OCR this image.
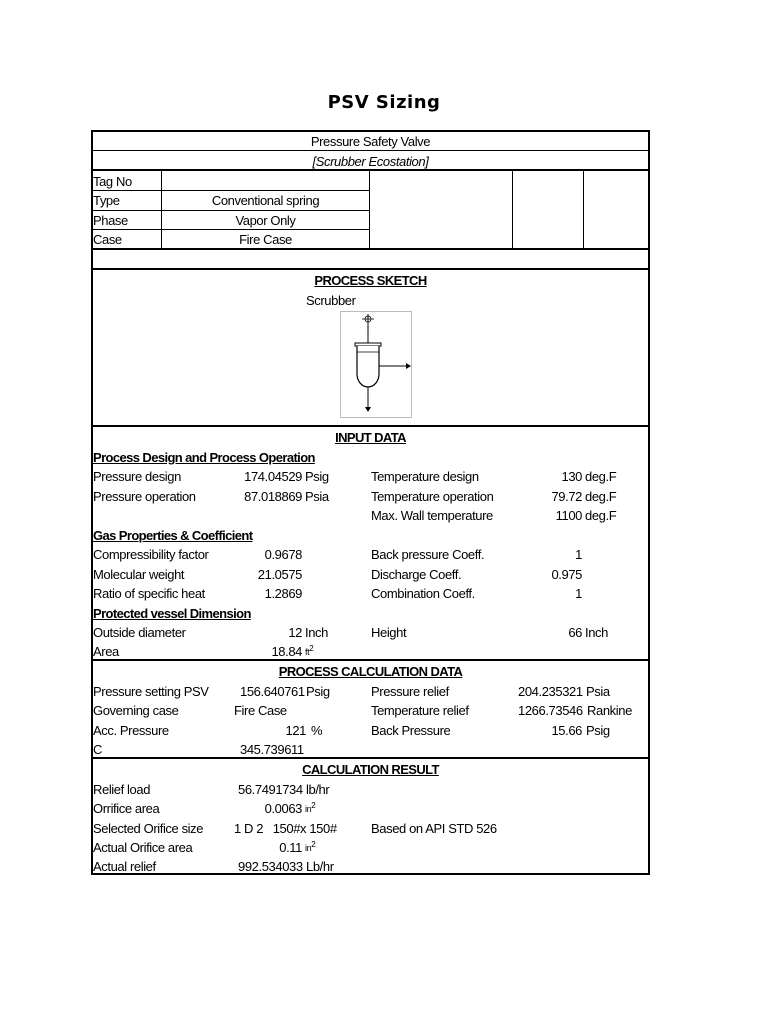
PSV Sizing
Pressure Safety Valve
[Scrubber Ecostation]
Tag No
Type	Conventional spring
Phase	Vapor Only
Case	Fire Case
PROCESS SKETCH
Scrubber
INPUT DATA
Process Design and Process Operation
Pressure design	174.04529 Psig	Temperature design	130 deg.F
Pressure operation	87.018869 Psia	Temperature operation	79.72 deg.F
Max. Wall temperature	1100 deg.F
Gas Properties & Coefficient
Compressibility factor	0.9678	Back pressure Coeff.	1
Molecular weight	21.0575	Discharge Coeff.	0.975
Ratio of specific heat	1.2869	Combination Coeff.	1
Protected vessel Dimension
Outside diameter	12 Inch	Height	66 Inch
Area	18.84 $ft^2$
PROCESS CALCULATION DATA
Pressure setting PSV 156.640761 Psig	Pressure relief	204.235321 Psia
Governing case	Fire Case	Temperature relief	1266.73546 Rankine
Acc. Pressure	121 %	Back Pressure	15.66 Psig
C	345.739611
CALCULATION RESULT
Relief load	56.7491734 lb/hr
Orrifice area	0.0063 $in^2$
Selected Orifice size 1 D 2   150#x 150#	Based on API STD 526
Actual Orifice area	0.11 $in^2$
Actual relief	992.534033 Lb/hr
